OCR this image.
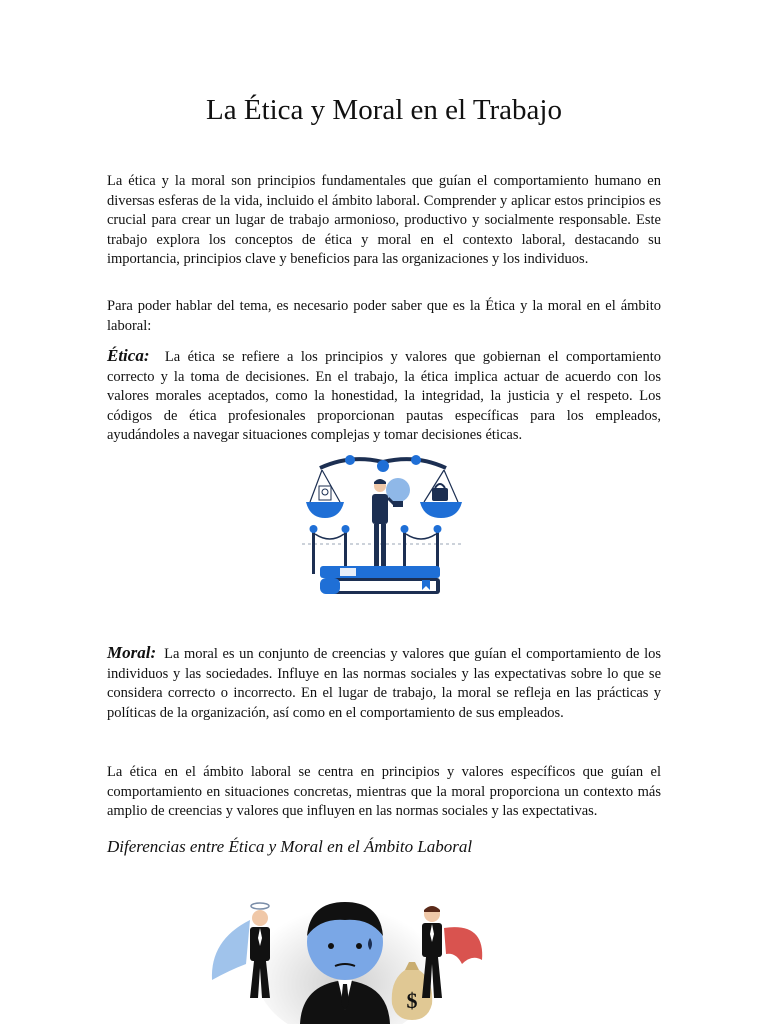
La Ética y Moral en el Trabajo

La ética y la moral son principios fundamentales que guían el comportamiento humano en diversas esferas de la vida, incluido el ámbito laboral. Comprender y aplicar estos principios es crucial para crear un lugar de trabajo armonioso, productivo y socialmente responsable. Este trabajo explora los conceptos de ética y moral en el contexto laboral, destacando su importancia, principios clave y beneficios para las organizaciones y los individuos.

Para poder hablar del tema, es necesario poder saber que es la Ética y la moral en el ámbito laboral:

Ética: La ética se refiere a los principios y valores que gobiernan el comportamiento correcto y la toma de decisiones. En el trabajo, la ética implica actuar de acuerdo con los valores morales aceptados, como la honestidad, la integridad, la justicia y el respeto. Los códigos de ética profesionales proporcionan pautas específicas para los empleados, ayudándoles a navegar situaciones complejas y tomar decisiones éticas.

Moral: La moral es un conjunto de creencias y valores que guían el comportamiento de los individuos y las sociedades. Influye en las normas sociales y las expectativas sobre lo que se considera correcto o incorrecto. En el lugar de trabajo, la moral se refleja en las prácticas y políticas de la organización, así como en el comportamiento de sus empleados.

La ética en el ámbito laboral se centra en principios y valores específicos que guían el comportamiento en situaciones concretas, mientras que la moral proporciona un contexto más amplio de creencias y valores que influyen en las normas sociales y las expectativas.

Diferencias entre Ética y Moral en el Ámbito Laboral
$
